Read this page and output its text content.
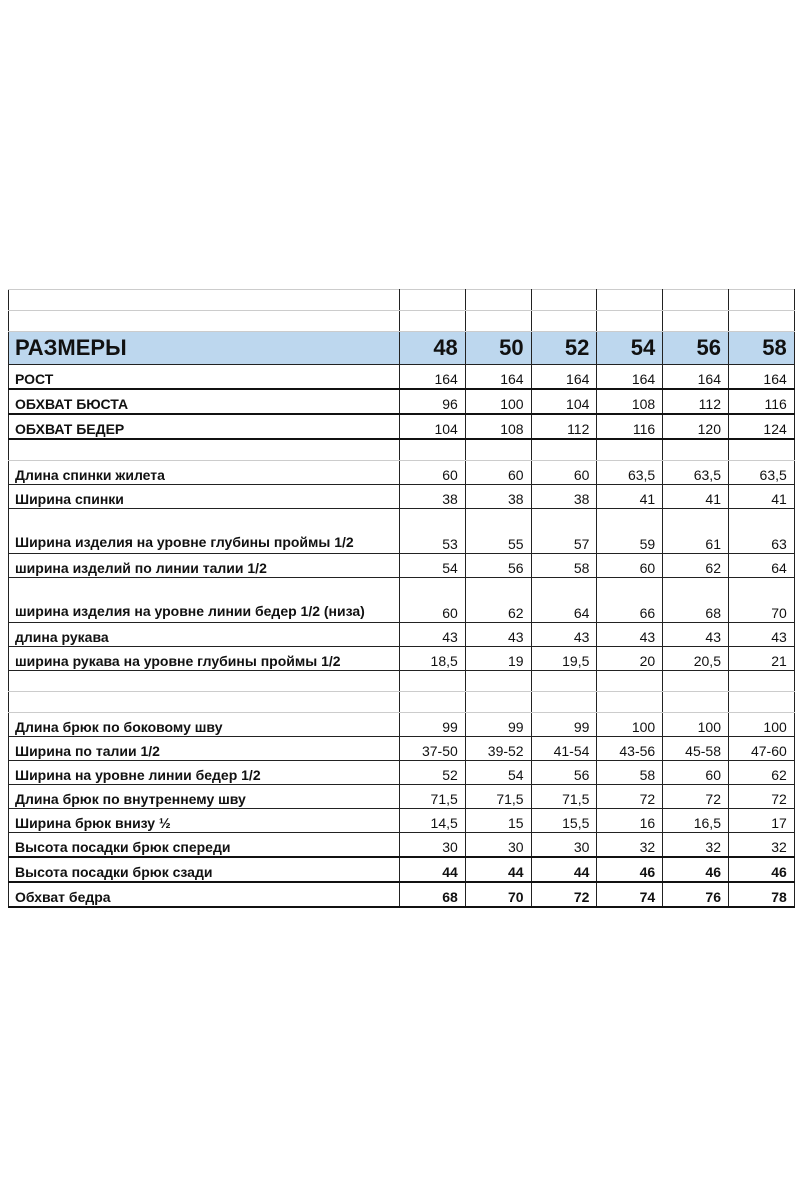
РАЗМЕРЫ	48	50	52	54	56	58
РОСТ	164	164	164	164	164	164
ОБХВАТ БЮСТА	96	100	104	108	112	116
ОБХВАТ БЕДЕР	104	108	112	116	120	124

Длина спинки жилета	60	60	60	63,5	63,5	63,5
Ширина спинки	38	38	38	41	41	41
Ширина изделия на уровне глубины проймы 1/2	53	55	57	59	61	63
ширина изделий по линии талии 1/2	54	56	58	60	62	64
ширина изделия на уровне линии бедер 1/2 (низа)	60	62	64	66	68	70
длина рукава	43	43	43	43	43	43
ширина рукава на уровне глубины проймы 1/2	18,5	19	19,5	20	20,5	21

Длина брюк по боковому шву	99	99	99	100	100	100
Ширина по талии 1/2	37-50	39-52	41-54	43-56	45-58	47-60
Ширина на уровне линии бедер 1/2	52	54	56	58	60	62
Длина брюк по внутреннему шву	71,5	71,5	71,5	72	72	72
Ширина брюк внизу ½	14,5	15	15,5	16	16,5	17
Высота посадки брюк спереди	30	30	30	32	32	32
Высота посадки брюк сзади	44	44	44	46	46	46
Обхват бедра	68	70	72	74	76	78
